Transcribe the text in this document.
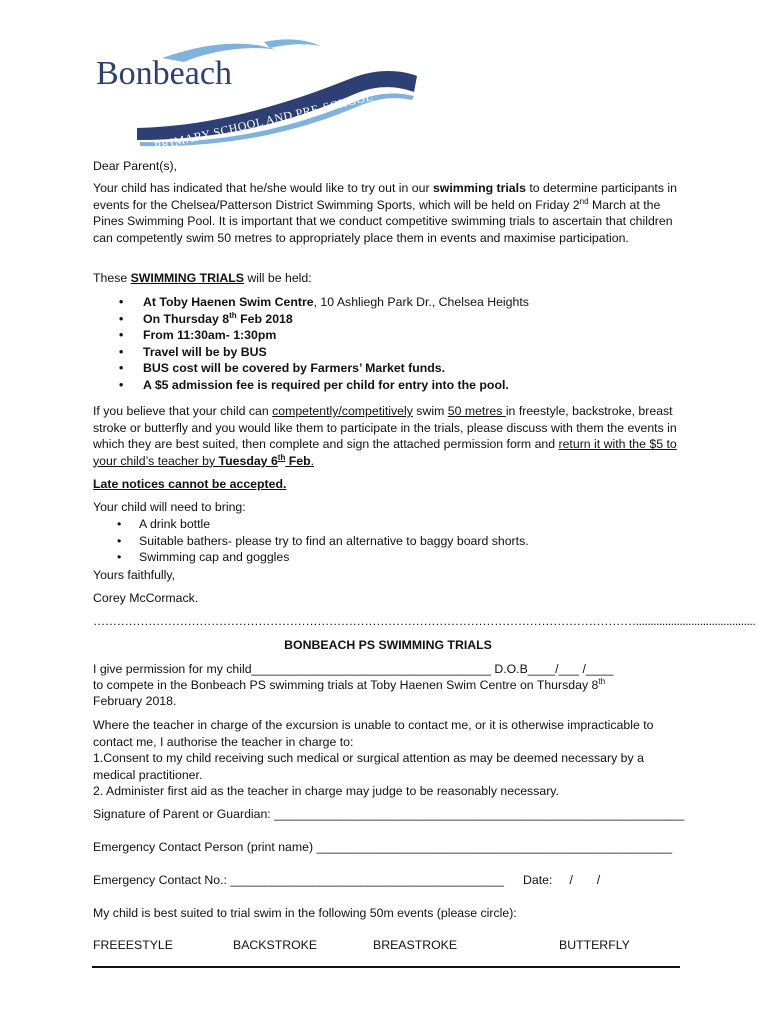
Bonbeach
PRIMARY SCHOOL AND PRE-SCHOOL

Dear Parent(s),

Your child has indicated that he/she would like to try out in our swimming trials to determine participants in events for the Chelsea/Patterson District Swimming Sports, which will be held on Friday 2nd March at the Pines Swimming Pool. It is important that we conduct competitive swimming trials to ascertain that children can competently swim 50 metres to appropriately place them in events and maximise participation.

These SWIMMING TRIALS will be held:

• At Toby Haenen Swim Centre, 10 Ashliegh Park Dr., Chelsea Heights
• On Thursday 8th Feb 2018
• From 11:30am- 1:30pm
• Travel will be by BUS
• BUS cost will be covered by Farmers’ Market funds.
• A $5 admission fee is required per child for entry into the pool.

If you believe that your child can competently/competitively swim 50 metres in freestyle, backstroke, breast stroke or butterfly and you would like them to participate in the trials, please discuss with them the events in which they are best suited, then complete and sign the attached permission form and return it with the $5 to your child’s teacher by Tuesday 6th Feb.

Late notices cannot be accepted.

Your child will need to bring:

• A drink bottle
• Suitable bathers- please try to find an alternative to baggy board shorts.
• Swimming cap and goggles

Yours faithfully,

Corey McCormack.

………………………………………………………………………………………………………………………….........................................

BONBEACH PS SWIMMING TRIALS

I give permission for my child___________________________________ D.O.B____/___ /____

to compete in the Bonbeach PS swimming trials at Toby Haenen Swim Centre on Thursday 8th

February 2018.

Where the teacher in charge of the excursion is unable to contact me, or it is otherwise impracticable to contact me, I authorise the teacher in charge to:

1.Consent to my child receiving such medical or surgical attention as may be deemed necessary by a medical practitioner.

2. Administer first aid as the teacher in charge may judge to be reasonably necessary.

Signature of Parent or Guardian: ____________________________________________________________

Emergency Contact Person (print name) ____________________________________________________

Emergency Contact No.: ________________________________________ Date:     /       /

My child is best suited to trial swim in the following 50m events (please circle):

FREEESTYLE	BACKSTROKE	BREASTROKE	BUTTERFLY
